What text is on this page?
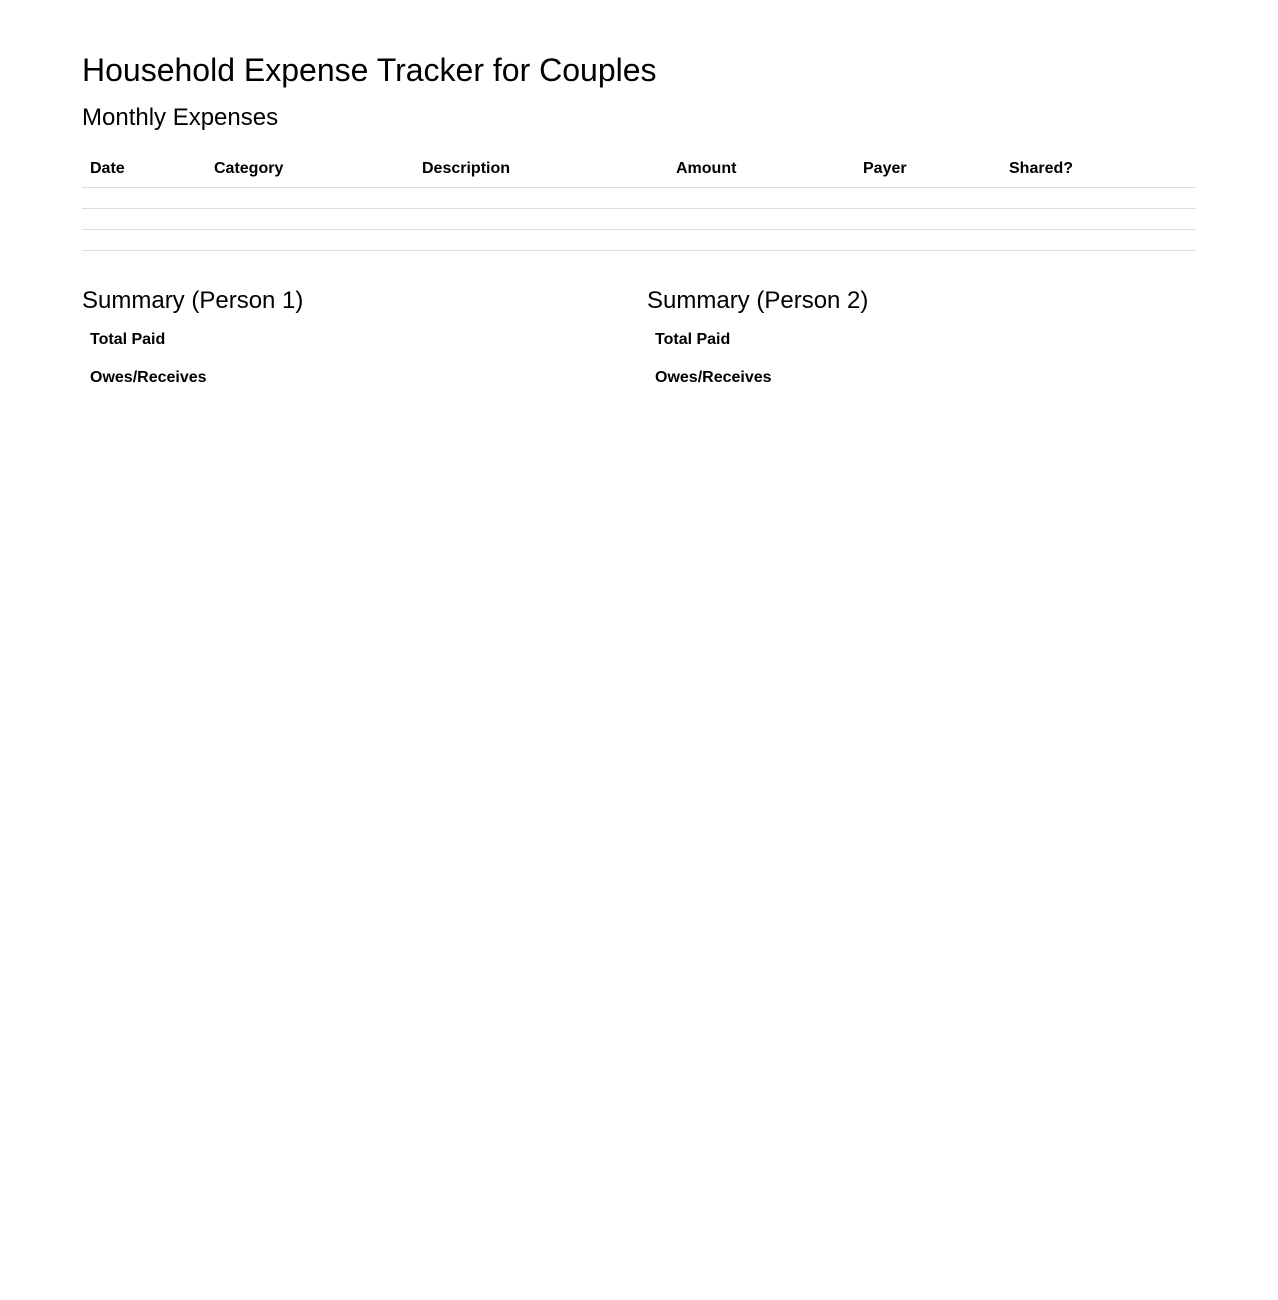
Household Expense Tracker for Couples
Monthly Expenses
Date	Category	Description	Amount	Payer	Shared?

Summary (Person 1)
Total Paid	
Owes/Receives	
Summary (Person 2)
Total Paid	
Owes/Receives	
